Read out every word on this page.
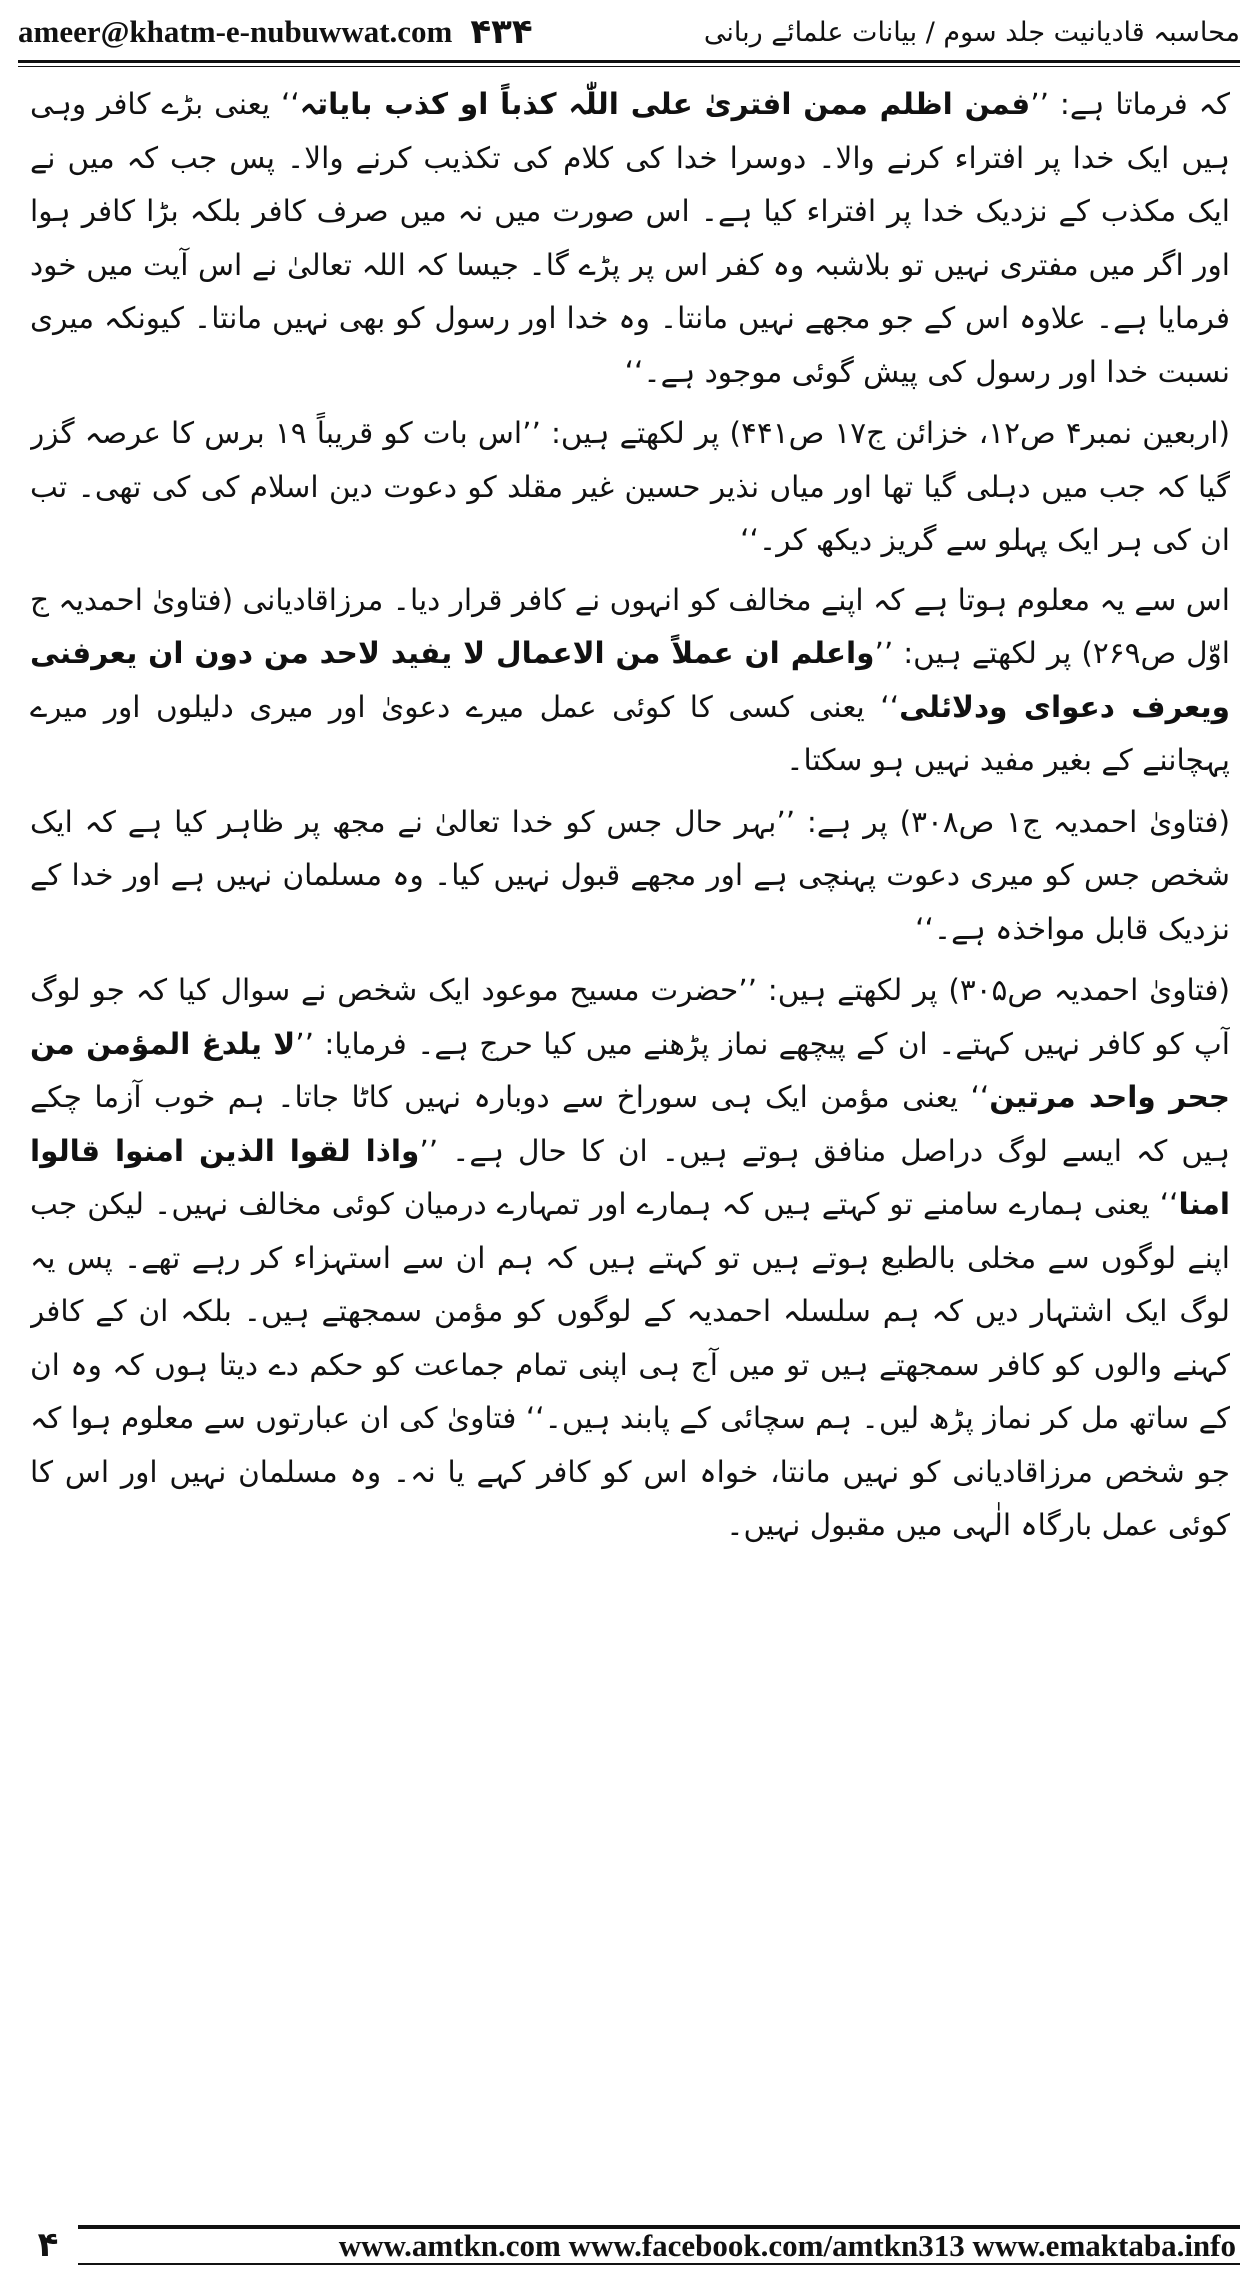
ameer@khatm-e-nubuwwat.com ۴۳۴	محاسبہ قادیانیت جلد سوم / بیانات علمائے ربانی

کہ فرماتا ہے: ’’فمن اظلم ممن افتریٰ علی اللّٰہ کذباً او کذب بایاتہ‘‘ یعنی بڑے کافر وہی ہیں ایک خدا پر افتراء کرنے والا۔ دوسرا خدا کی کلام کی تکذیب کرنے والا۔ پس جب کہ میں نے ایک مکذب کے نزدیک خدا پر افتراء کیا ہے۔ اس صورت میں نہ میں صرف کافر بلکہ بڑا کافر ہوا اور اگر میں مفتری نہیں تو بلاشبہ وہ کفر اس پر پڑے گا۔ جیسا کہ اللہ تعالیٰ نے اس آیت میں خود فرمایا ہے۔ علاوہ اس کے جو مجھے نہیں مانتا۔ وہ خدا اور رسول کو بھی نہیں مانتا۔ کیونکہ میری نسبت خدا اور رسول کی پیش گوئی موجود ہے۔‘‘

(اربعین نمبر۴ ص۱۲، خزائن ج۱۷ ص۴۴۱) پر لکھتے ہیں: ’’اس بات کو قریباً ۱۹ برس کا عرصہ گزر گیا کہ جب میں دہلی گیا تھا اور میاں نذیر حسین غیر مقلد کو دعوت دین اسلام کی کی تھی۔ تب ان کی ہر ایک پہلو سے گریز دیکھ کر۔‘‘

اس سے یہ معلوم ہوتا ہے کہ اپنے مخالف کو انہوں نے کافر قرار دیا۔ مرزاقادیانی (فتاویٰ احمدیہ ج اوّل ص۲۶۹) پر لکھتے ہیں: ’’واعلم ان عملاً من الاعمال لا یفید لاحد من دون ان یعرفنی ویعرف دعوای ودلائلی‘‘ یعنی کسی کا کوئی عمل میرے دعویٰ اور میری دلیلوں اور میرے پہچاننے کے بغیر مفید نہیں ہو سکتا۔

(فتاویٰ احمدیہ ج۱ ص۳۰۸) پر ہے: ’’بہر حال جس کو خدا تعالیٰ نے مجھ پر ظاہر کیا ہے کہ ایک شخص جس کو میری دعوت پہنچی ہے اور مجھے قبول نہیں کیا۔ وہ مسلمان نہیں ہے اور خدا کے نزدیک قابل مواخذہ ہے۔‘‘

(فتاویٰ احمدیہ ص۳۰۵) پر لکھتے ہیں: ’’حضرت مسیح موعود ایک شخص نے سوال کیا کہ جو لوگ آپ کو کافر نہیں کہتے۔ ان کے پیچھے نماز پڑھنے میں کیا حرج ہے۔ فرمایا: ’’لا یلدغ المؤمن من جحر واحد مرتین‘‘ یعنی مؤمن ایک ہی سوراخ سے دوبارہ نہیں کاٹا جاتا۔ ہم خوب آزما چکے ہیں کہ ایسے لوگ دراصل منافق ہوتے ہیں۔ ان کا حال ہے۔ ’’واذا لقوا الذین امنوا قالوا امنا‘‘ یعنی ہمارے سامنے تو کہتے ہیں کہ ہمارے اور تمہارے درمیان کوئی مخالف نہیں۔ لیکن جب اپنے لوگوں سے مخلی بالطبع ہوتے ہیں تو کہتے ہیں کہ ہم ان سے استہزاء کر رہے تھے۔ پس یہ لوگ ایک اشتہار دیں کہ ہم سلسلہ احمدیہ کے لوگوں کو مؤمن سمجھتے ہیں۔ بلکہ ان کے کافر کہنے والوں کو کافر سمجھتے ہیں تو میں آج ہی اپنی تمام جماعت کو حکم دے دیتا ہوں کہ وہ ان کے ساتھ مل کر نماز پڑھ لیں۔ ہم سچائی کے پابند ہیں۔‘‘ فتاویٰ کی ان عبارتوں سے معلوم ہوا کہ جو شخص مرزاقادیانی کو نہیں مانتا، خواہ اس کو کافر کہے یا نہ۔ وہ مسلمان نہیں اور اس کا کوئی عمل بارگاہ الٰہی میں مقبول نہیں۔

۴	www.amtkn.com www.facebook.com/amtkn313 www.emaktaba.info
